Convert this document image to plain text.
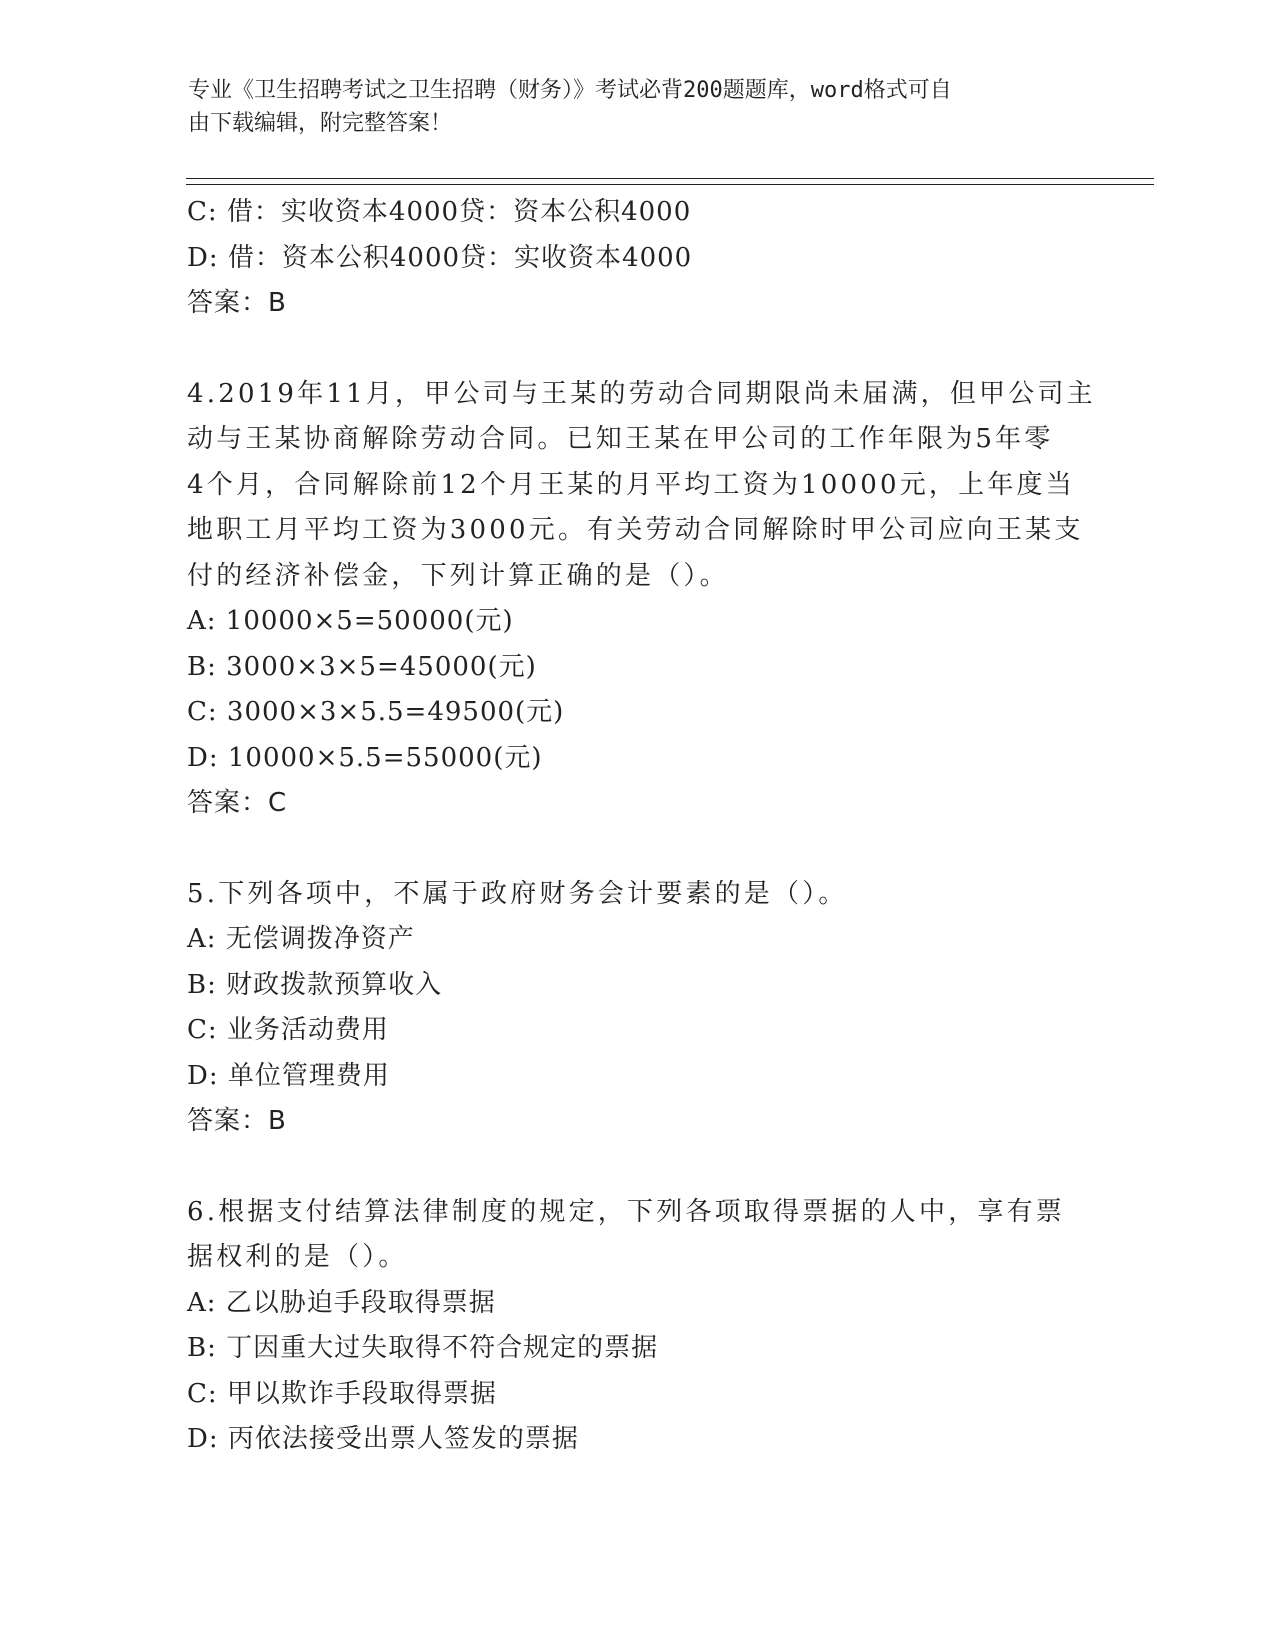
专业《卫生招聘考试之卫生招聘（财务）》考试必背200题题库，word格式可自
由下载编辑，附完整答案！
C: 借：实收资本4000贷：资本公积4000
D: 借：资本公积4000贷：实收资本4000
答案：B
4.2019年11月，甲公司与王某的劳动合同期限尚未届满，但甲公司主
动与王某协商解除劳动合同。已知王某在甲公司的工作年限为5年零
4个月，合同解除前12个月王某的月平均工资为10000元，上年度当
地职工月平均工资为3000元。有关劳动合同解除时甲公司应向王某支
付的经济补偿金，下列计算正确的是（）。
A: 10000×5=50000(元)
B: 3000×3×5=45000(元)
C: 3000×3×5.5=49500(元)
D: 10000×5.5=55000(元)
答案：C
5.下列各项中，不属于政府财务会计要素的是（）。
A: 无偿调拨净资产
B: 财政拨款预算收入
C: 业务活动费用
D: 单位管理费用
答案：B
6.根据支付结算法律制度的规定，下列各项取得票据的人中，享有票
据权利的是（）。
A: 乙以胁迫手段取得票据
B: 丁因重大过失取得不符合规定的票据
C: 甲以欺诈手段取得票据
D: 丙依法接受出票人签发的票据
